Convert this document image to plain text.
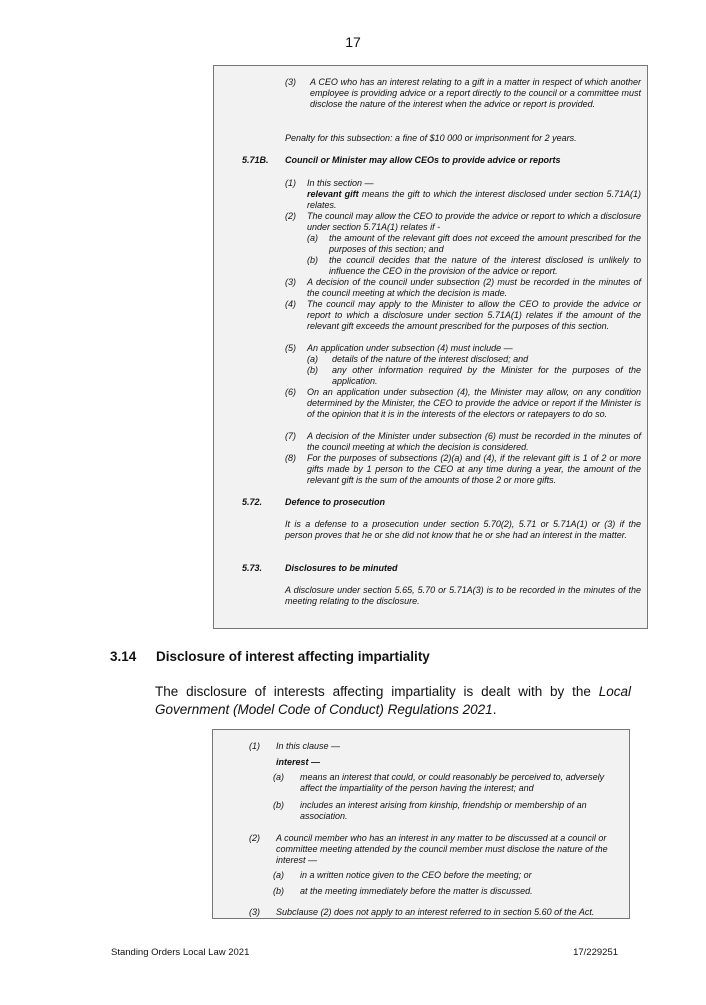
17
(3) A CEO who has an interest relating to a gift in a matter in respect of which another employee is providing advice or a report directly to the council or a committee must disclose the nature of the interest when the advice or report is provided.
Penalty for this subsection: a fine of $10 000 or imprisonment for 2 years.
5.71B. Council or Minister may allow CEOs to provide advice or reports
(1) In this section —
relevant gift means the gift to which the interest disclosed under section 5.71A(1) relates.
(2) The council may allow the CEO to provide the advice or report to which a disclosure under section 5.71A(1) relates if -
(a) the amount of the relevant gift does not exceed the amount prescribed for the purposes of this section; and
(b) the council decides that the nature of the interest disclosed is unlikely to influence the CEO in the provision of the advice or report.
(3) A decision of the council under subsection (2) must be recorded in the minutes of the council meeting at which the decision is made.
(4) The council may apply to the Minister to allow the CEO to provide the advice or report to which a disclosure under section 5.71A(1) relates if the amount of the relevant gift exceeds the amount prescribed for the purposes of this section.
(5) An application under subsection (4) must include —
(a) details of the nature of the interest disclosed; and
(b) any other information required by the Minister for the purposes of the application.
(6) On an application under subsection (4), the Minister may allow, on any condition determined by the Minister, the CEO to provide the advice or report if the Minister is of the opinion that it is in the interests of the electors or ratepayers to do so.
(7) A decision of the Minister under subsection (6) must be recorded in the minutes of the council meeting at which the decision is considered.
(8) For the purposes of subsections (2)(a) and (4), if the relevant gift is 1 of 2 or more gifts made by 1 person to the CEO at any time during a year, the amount of the relevant gift is the sum of the amounts of those 2 or more gifts.
5.72.	Defence to prosecution
It is a defense to a prosecution under section 5.70(2), 5.71 or 5.71A(1) or (3) if the person proves that he or she did not know that he or she had an interest in the matter.
5.73.	Disclosures to be minuted
A disclosure under section 5.65, 5.70 or 5.71A(3) is to be recorded in the minutes of the meeting relating to the disclosure.
3.14 Disclosure of interest affecting impartiality
The disclosure of interests affecting impartiality is dealt with by the Local Government (Model Code of Conduct) Regulations 2021.
(1) In this clause —
interest —
(a) means an interest that could, or could reasonably be perceived to, adversely affect the impartiality of the person having the interest; and
(b) includes an interest arising from kinship, friendship or membership of an association.
(2) A council member who has an interest in any matter to be discussed at a council or committee meeting attended by the council member must disclose the nature of the interest —
(a) in a written notice given to the CEO before the meeting; or
(b) at the meeting immediately before the matter is discussed.
(3) Subclause (2) does not apply to an interest referred to in section 5.60 of the Act.
Standing Orders Local Law 2021	17/229251
